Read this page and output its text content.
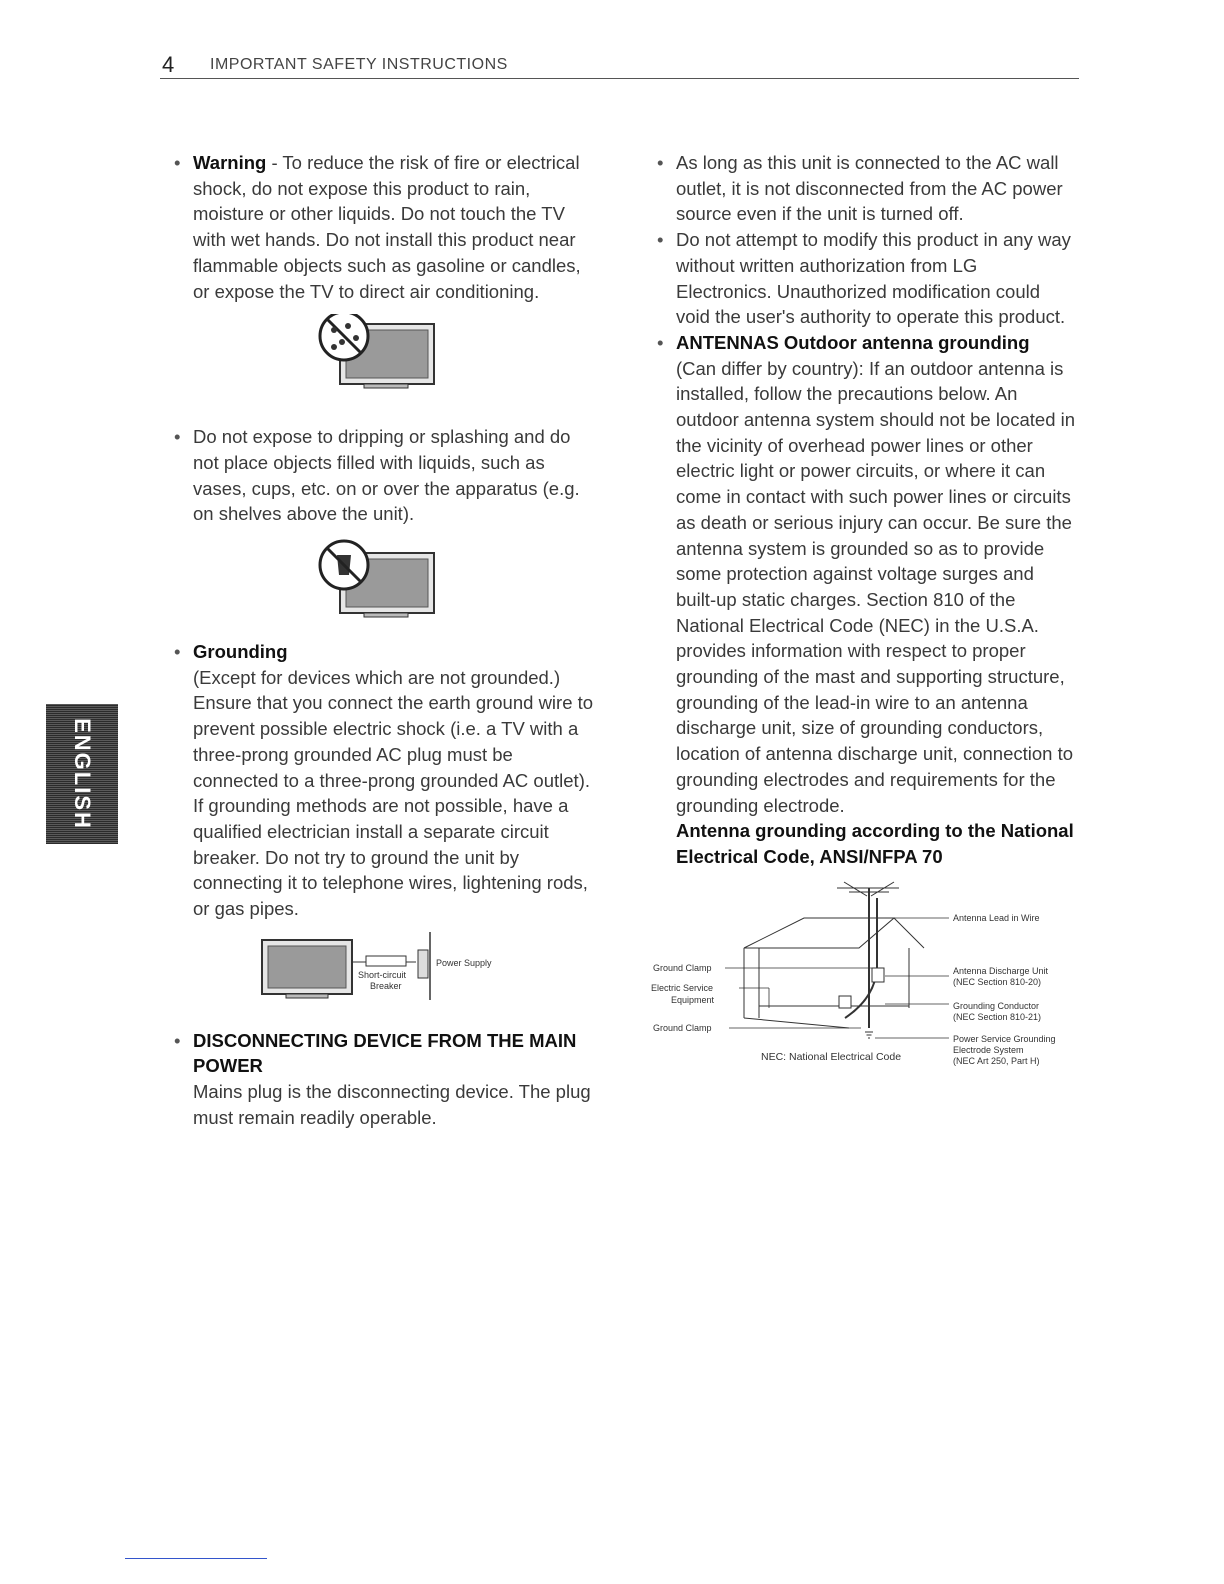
4 IMPORTANT SAFETY INSTRUCTIONS
ENGLISH
• Warning - To reduce the risk of fire or electrical shock, do not expose this product to rain, moisture or other liquids. Do not touch the TV with wet hands. Do not install this product near flammable objects such as gasoline or candles, or expose the TV to direct air conditioning.
• Do not expose to dripping or splashing and do not place objects filled with liquids, such as vases, cups, etc. on or over the apparatus (e.g. on shelves above the unit).
• Grounding
(Except for devices which are not grounded.) Ensure that you connect the earth ground wire to prevent possible electric shock (i.e. a TV with a three-prong grounded AC plug must be connected to a three-prong grounded AC outlet). If grounding methods are not possible, have a qualified electrician install a separate circuit breaker. Do not try to ground the unit by connecting it to telephone wires, lightening rods, or gas pipes.
Power Supply
Short-circuit
Breaker
• DISCONNECTING DEVICE FROM THE MAIN POWER
Mains plug is the disconnecting device. The plug must remain readily operable.
• As long as this unit is connected to the AC wall outlet, it is not disconnected from the AC power source even if the unit is turned off.
• Do not attempt to modify this product in any way without written authorization from LG Electronics. Unauthorized modification could void the user's authority to operate this product.
• ANTENNAS Outdoor antenna grounding
(Can differ by country): If an outdoor antenna is installed, follow the precautions below. An outdoor antenna system should not be located in the vicinity of overhead power lines or other electric light or power circuits, or where it can come in contact with such power lines or circuits as death or serious injury can occur. Be sure the antenna system is grounded so as to provide some protection against voltage surges and built-up static charges. Section 810 of the National Electrical Code (NEC) in the U.S.A. provides information with respect to proper grounding of the mast and supporting structure, grounding of the lead-in wire to an antenna discharge unit, size of grounding conductors, location of antenna discharge unit, connection to grounding electrodes and requirements for the grounding electrode.
Antenna grounding according to the National Electrical Code, ANSI/NFPA 70
Antenna Lead in Wire
Ground Clamp
Electric Service
Equipment
Ground Clamp
Antenna Discharge Unit
(NEC Section 810-20)
Grounding Conductor
(NEC Section 810-21)
Power Service Grounding
Electrode System
(NEC Art 250, Part H)
NEC: National Electrical Code
